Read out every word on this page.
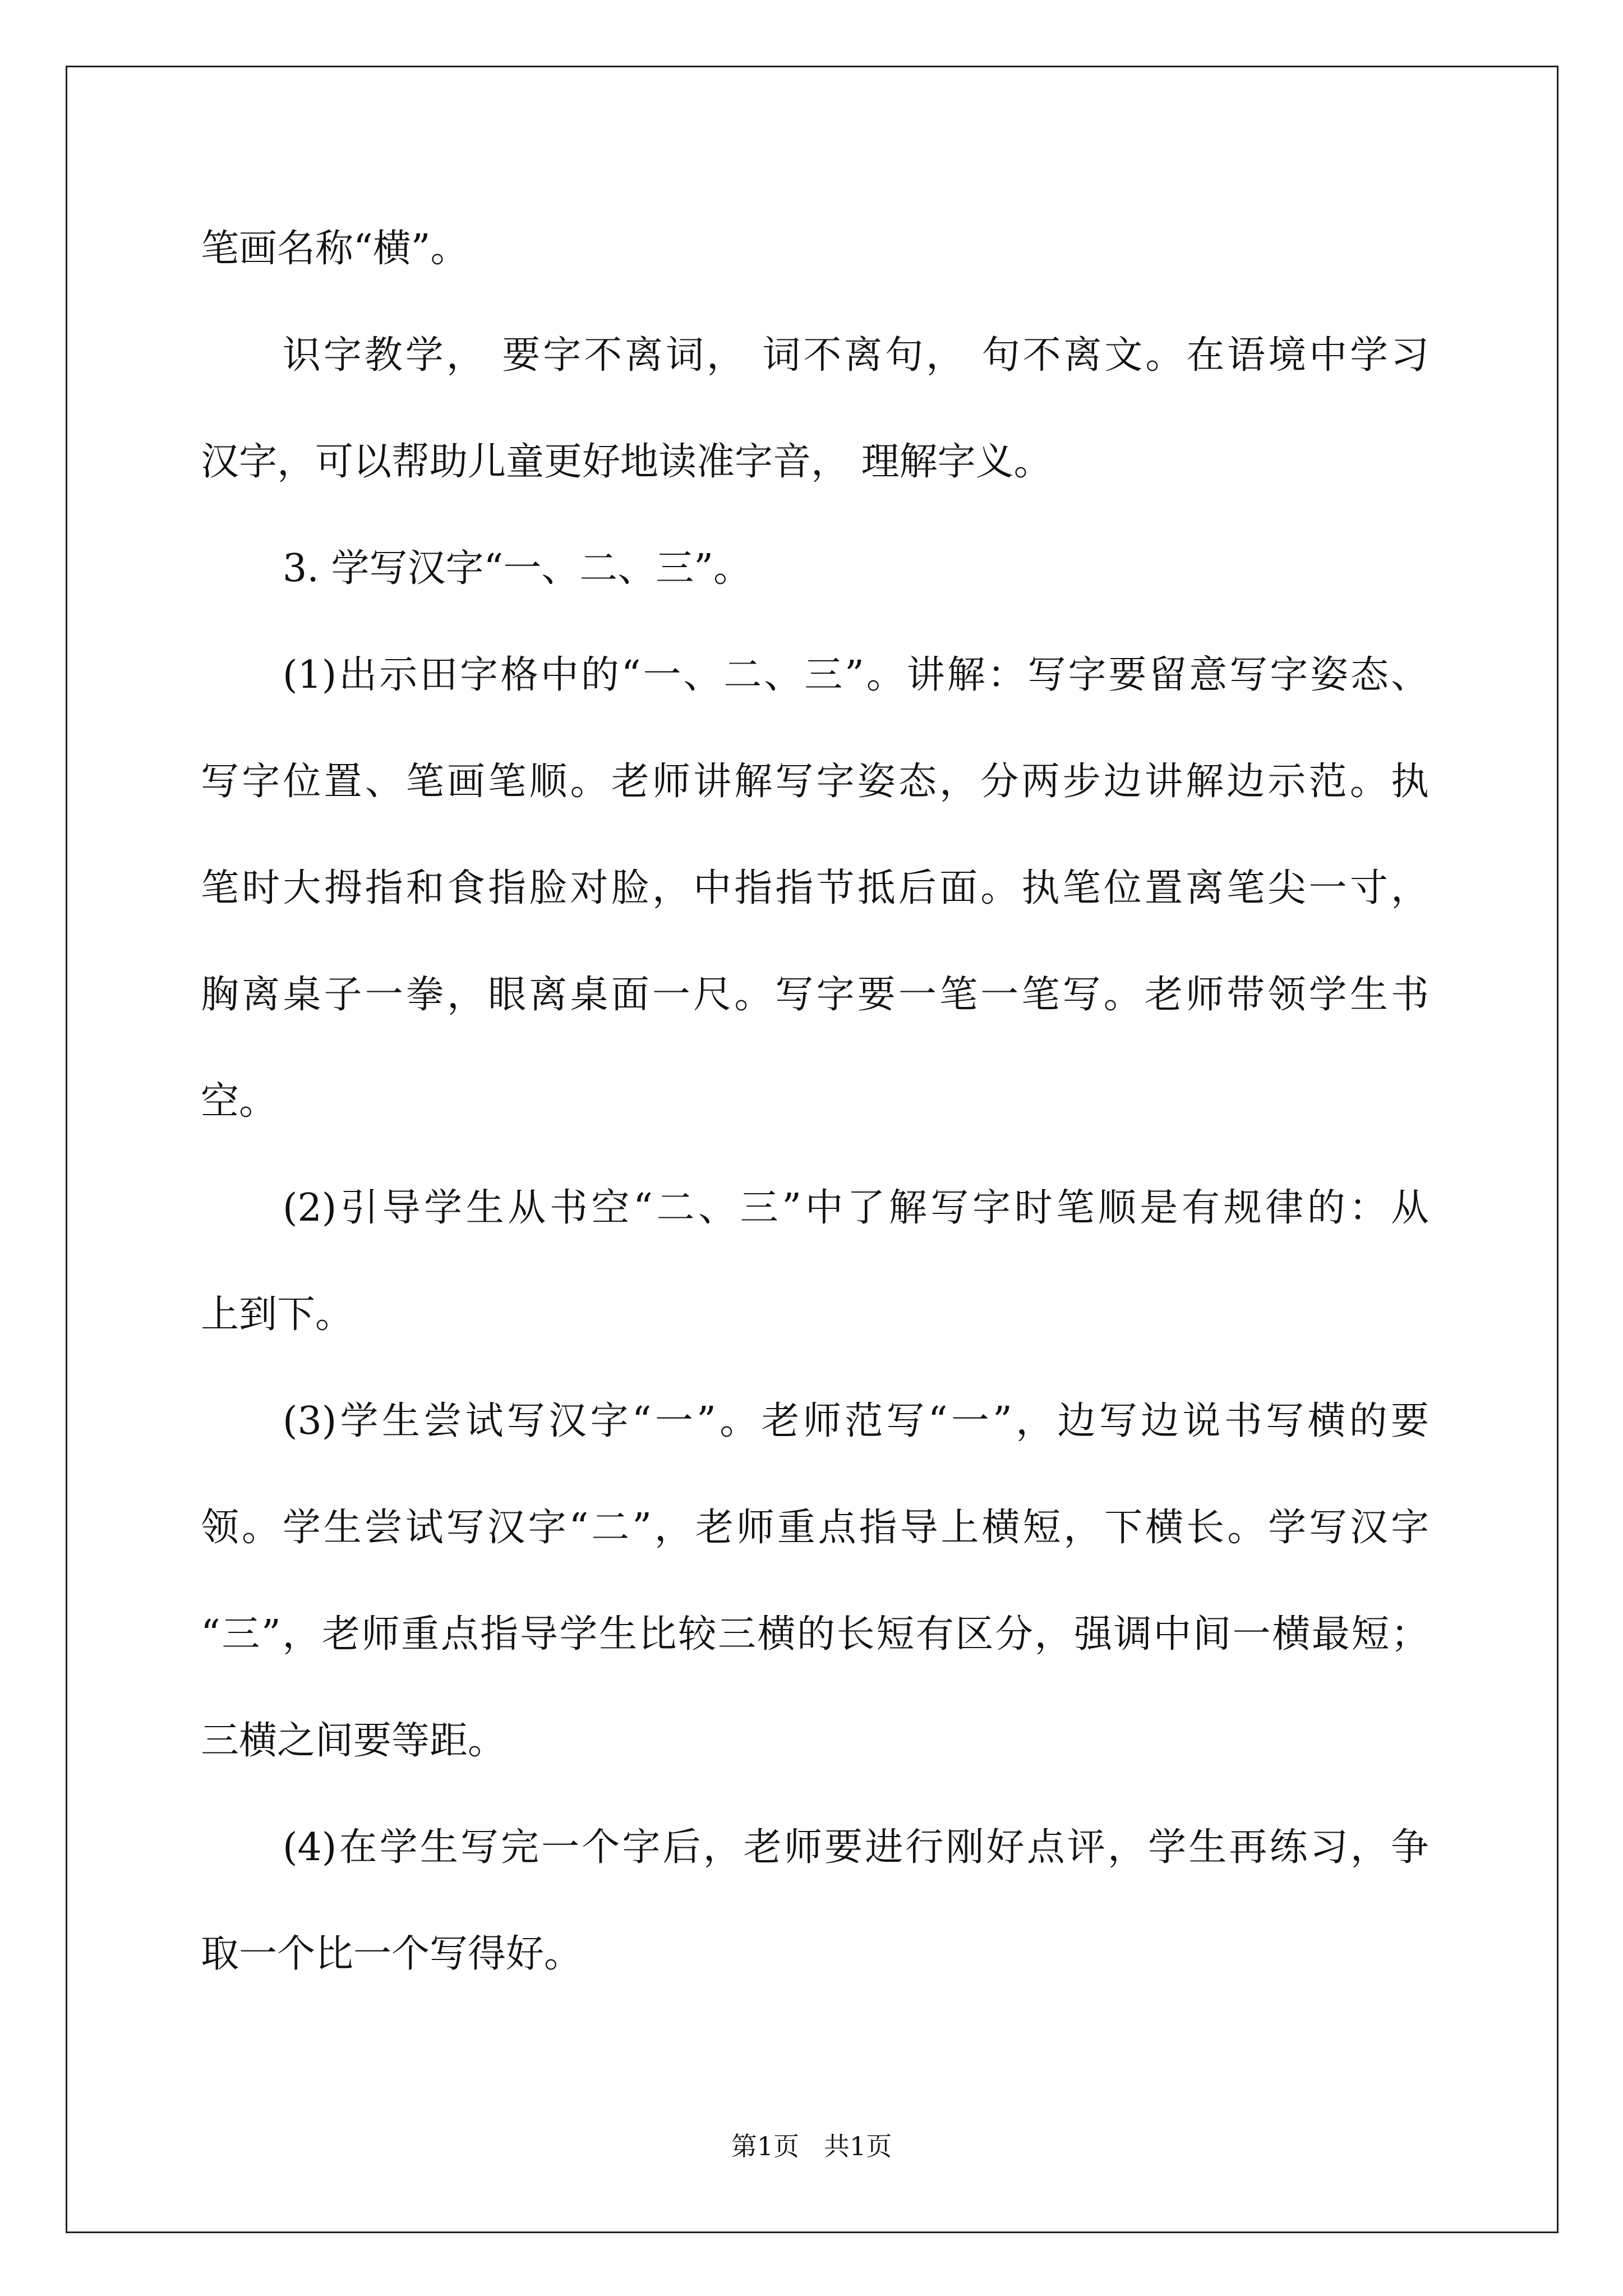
笔画名称“横”。
识字教学， 要字不离词， 词不离句， 句不离文。在语境中学习
汉字，可以帮助儿童更好地读准字音， 理解字义。
3. 学写汉字“一、二、三”。
(1)出示田字格中的“一、二、三”。讲解：写字要留意写字姿态、
写字位置、笔画笔顺。老师讲解写字姿态，分两步边讲解边示范。执
笔时大拇指和食指脸对脸，中指指节抵后面。执笔位置离笔尖一寸，
胸离桌子一拳，眼离桌面一尺。写字要一笔一笔写。老师带领学生书
空。
(2)引导学生从书空“二、三”中了解写字时笔顺是有规律的：从
上到下。
(3)学生尝试写汉字“一”。老师范写“一”，边写边说书写横的要
领。学生尝试写汉字“二”，老师重点指导上横短，下横长。学写汉字
“三”，老师重点指导学生比较三横的长短有区分，强调中间一横最短；
三横之间要等距。
(4)在学生写完一个字后，老师要进行刚好点评，学生再练习，争
取一个比一个写得好。
第1页 共1页
